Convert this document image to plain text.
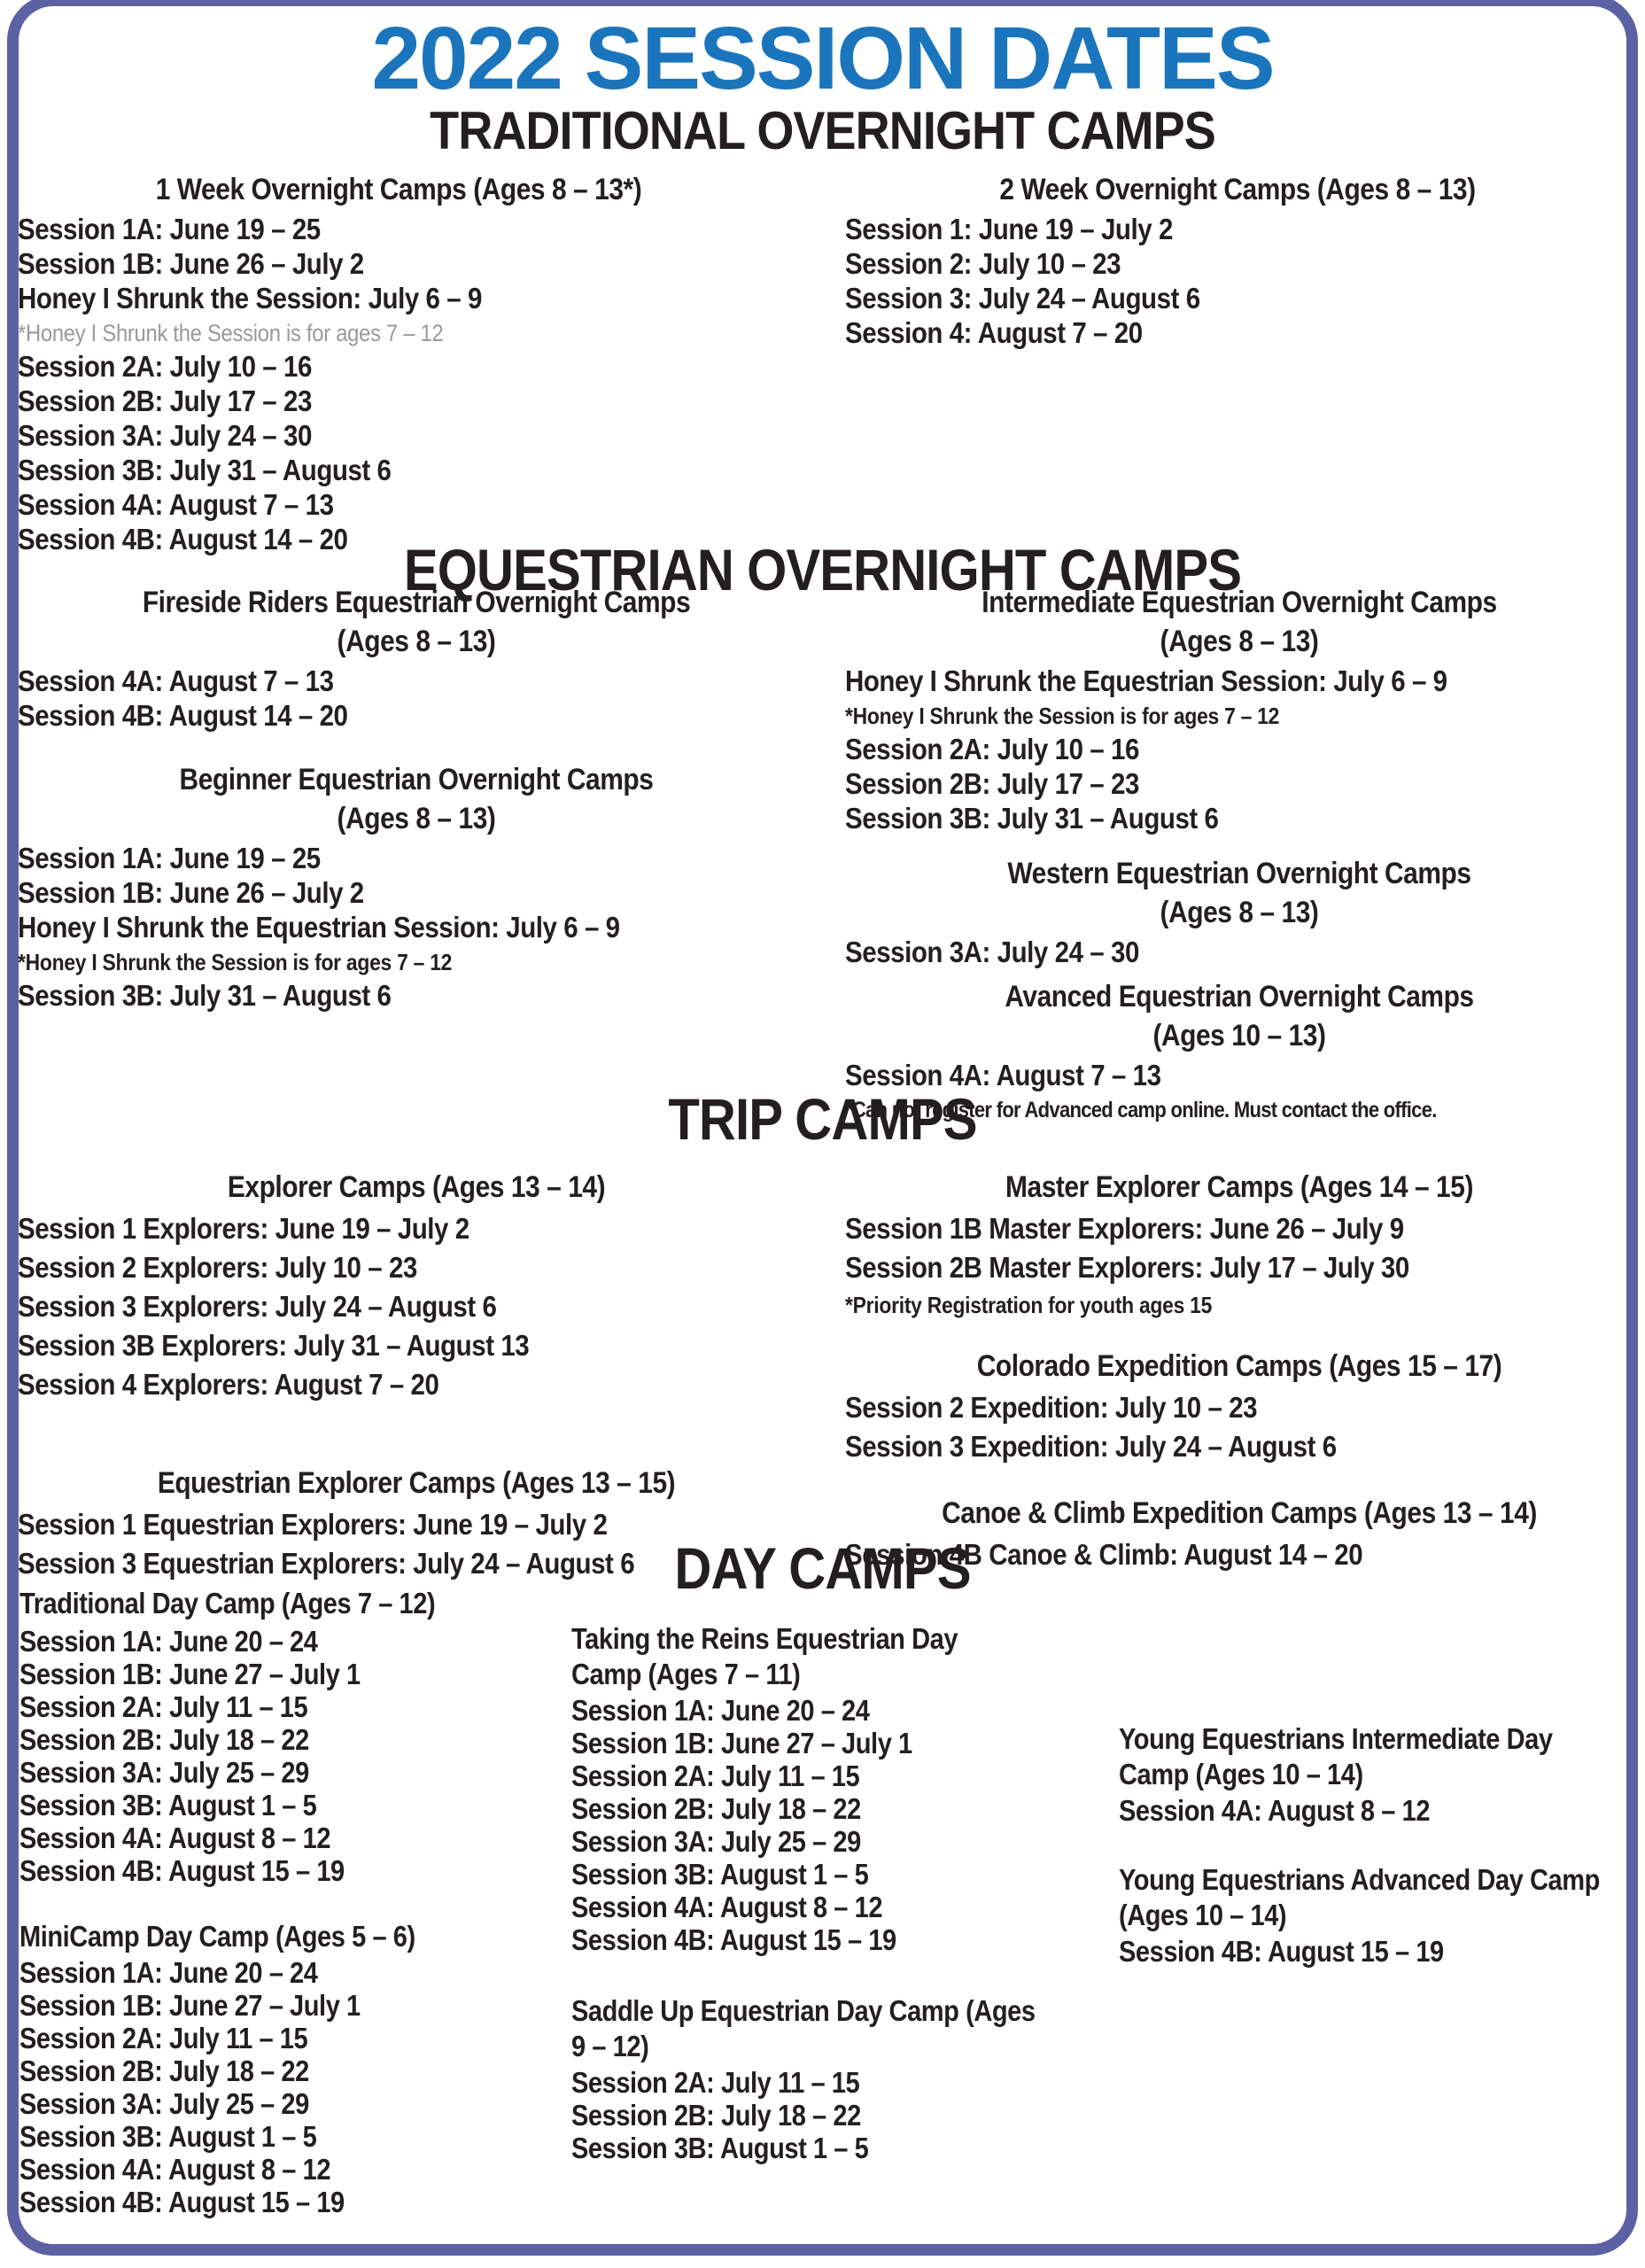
2022 SESSION DATES
TRADITIONAL OVERNIGHT CAMPS
1 Week Overnight Camps (Ages 8 – 13*)
Session 1A: June 19 – 25
Session 1B: June 26 – July 2
Honey I Shrunk the Session: July 6 – 9
*Honey I Shrunk the Session is for ages 7 – 12
Session 2A: July 10 – 16
Session 2B: July 17 – 23
Session 3A: July 24 – 30
Session 3B: July 31 – August 6
Session 4A: August 7 – 13
Session 4B: August 14 – 20
2 Week Overnight Camps (Ages 8 – 13)
Session 1: June 19 – July 2
Session 2: July 10 – 23
Session 3: July 24 – August 6
Session 4: August 7 – 20
EQUESTRIAN OVERNIGHT CAMPS
Fireside Riders Equestrian Overnight Camps
(Ages 8 – 13)
Session 4A: August 7 – 13
Session 4B: August 14 – 20
Beginner Equestrian Overnight Camps
(Ages 8 – 13)
Session 1A: June 19 – 25
Session 1B: June 26 – July 2
Honey I Shrunk the Equestrian Session: July 6 – 9
*Honey I Shrunk the Session is for ages 7 – 12
Session 3B: July 31 – August 6
Intermediate Equestrian Overnight Camps
(Ages 8 – 13)
Honey I Shrunk the Equestrian Session: July 6 – 9
*Honey I Shrunk the Session is for ages 7 – 12
Session 2A: July 10 – 16
Session 2B: July 17 – 23
Session 3B: July 31 – August 6
Western Equestrian Overnight Camps
(Ages 8 – 13)
Session 3A: July 24 – 30
Avanced Equestrian Overnight Camps
(Ages 10 – 13)
Session 4A: August 7 – 13
*Can not register for Advanced camp online. Must contact the office.
TRIP CAMPS
Explorer Camps (Ages 13 – 14)
Session 1 Explorers: June 19 – July 2
Session 2 Explorers: July 10 – 23
Session 3 Explorers: July 24 – August 6
Session 3B Explorers: July 31 – August 13
Session 4 Explorers: August 7 – 20
Equestrian Explorer Camps (Ages 13 – 15)
Session 1 Equestrian Explorers: June 19 – July 2
Session 3 Equestrian Explorers: July 24 – August 6
Master Explorer Camps (Ages 14 – 15)
Session 1B Master Explorers: June 26 – July 9
Session 2B Master Explorers: July 17 – July 30
*Priority Registration for youth ages 15
Colorado Expedition Camps (Ages 15 – 17)
Session 2 Expedition: July 10 – 23
Session 3 Expedition: July 24 – August 6
Canoe & Climb Expedition Camps (Ages 13 – 14)
Session 4B Canoe & Climb: August 14 – 20
DAY CAMPS
Traditional Day Camp (Ages 7 – 12)
Session 1A: June 20 – 24
Session 1B: June 27 – July 1
Session 2A: July 11 – 15
Session 2B: July 18 – 22
Session 3A: July 25 – 29
Session 3B: August 1 – 5
Session 4A: August 8 – 12
Session 4B: August 15 – 19
MiniCamp Day Camp (Ages 5 – 6)
Session 1A: June 20 – 24
Session 1B: June 27 – July 1
Session 2A: July 11 – 15
Session 2B: July 18 – 22
Session 3A: July 25 – 29
Session 3B: August 1 – 5
Session 4A: August 8 – 12
Session 4B: August 15 – 19
Taking the Reins Equestrian Day
Camp (Ages 7 – 11)
Session 1A: June 20 – 24
Session 1B: June 27 – July 1
Session 2A: July 11 – 15
Session 2B: July 18 – 22
Session 3A: July 25 – 29
Session 3B: August 1 – 5
Session 4A: August 8 – 12
Session 4B: August 15 – 19
Saddle Up Equestrian Day Camp (Ages
9 – 12)
Session 2A: July 11 – 15
Session 2B: July 18 – 22
Session 3B: August 1 – 5
Young Equestrians Intermediate Day
Camp (Ages 10 – 14)
Session 4A: August 8 – 12
Young Equestrians Advanced Day Camp
(Ages 10 – 14)
Session 4B: August 15 – 19
